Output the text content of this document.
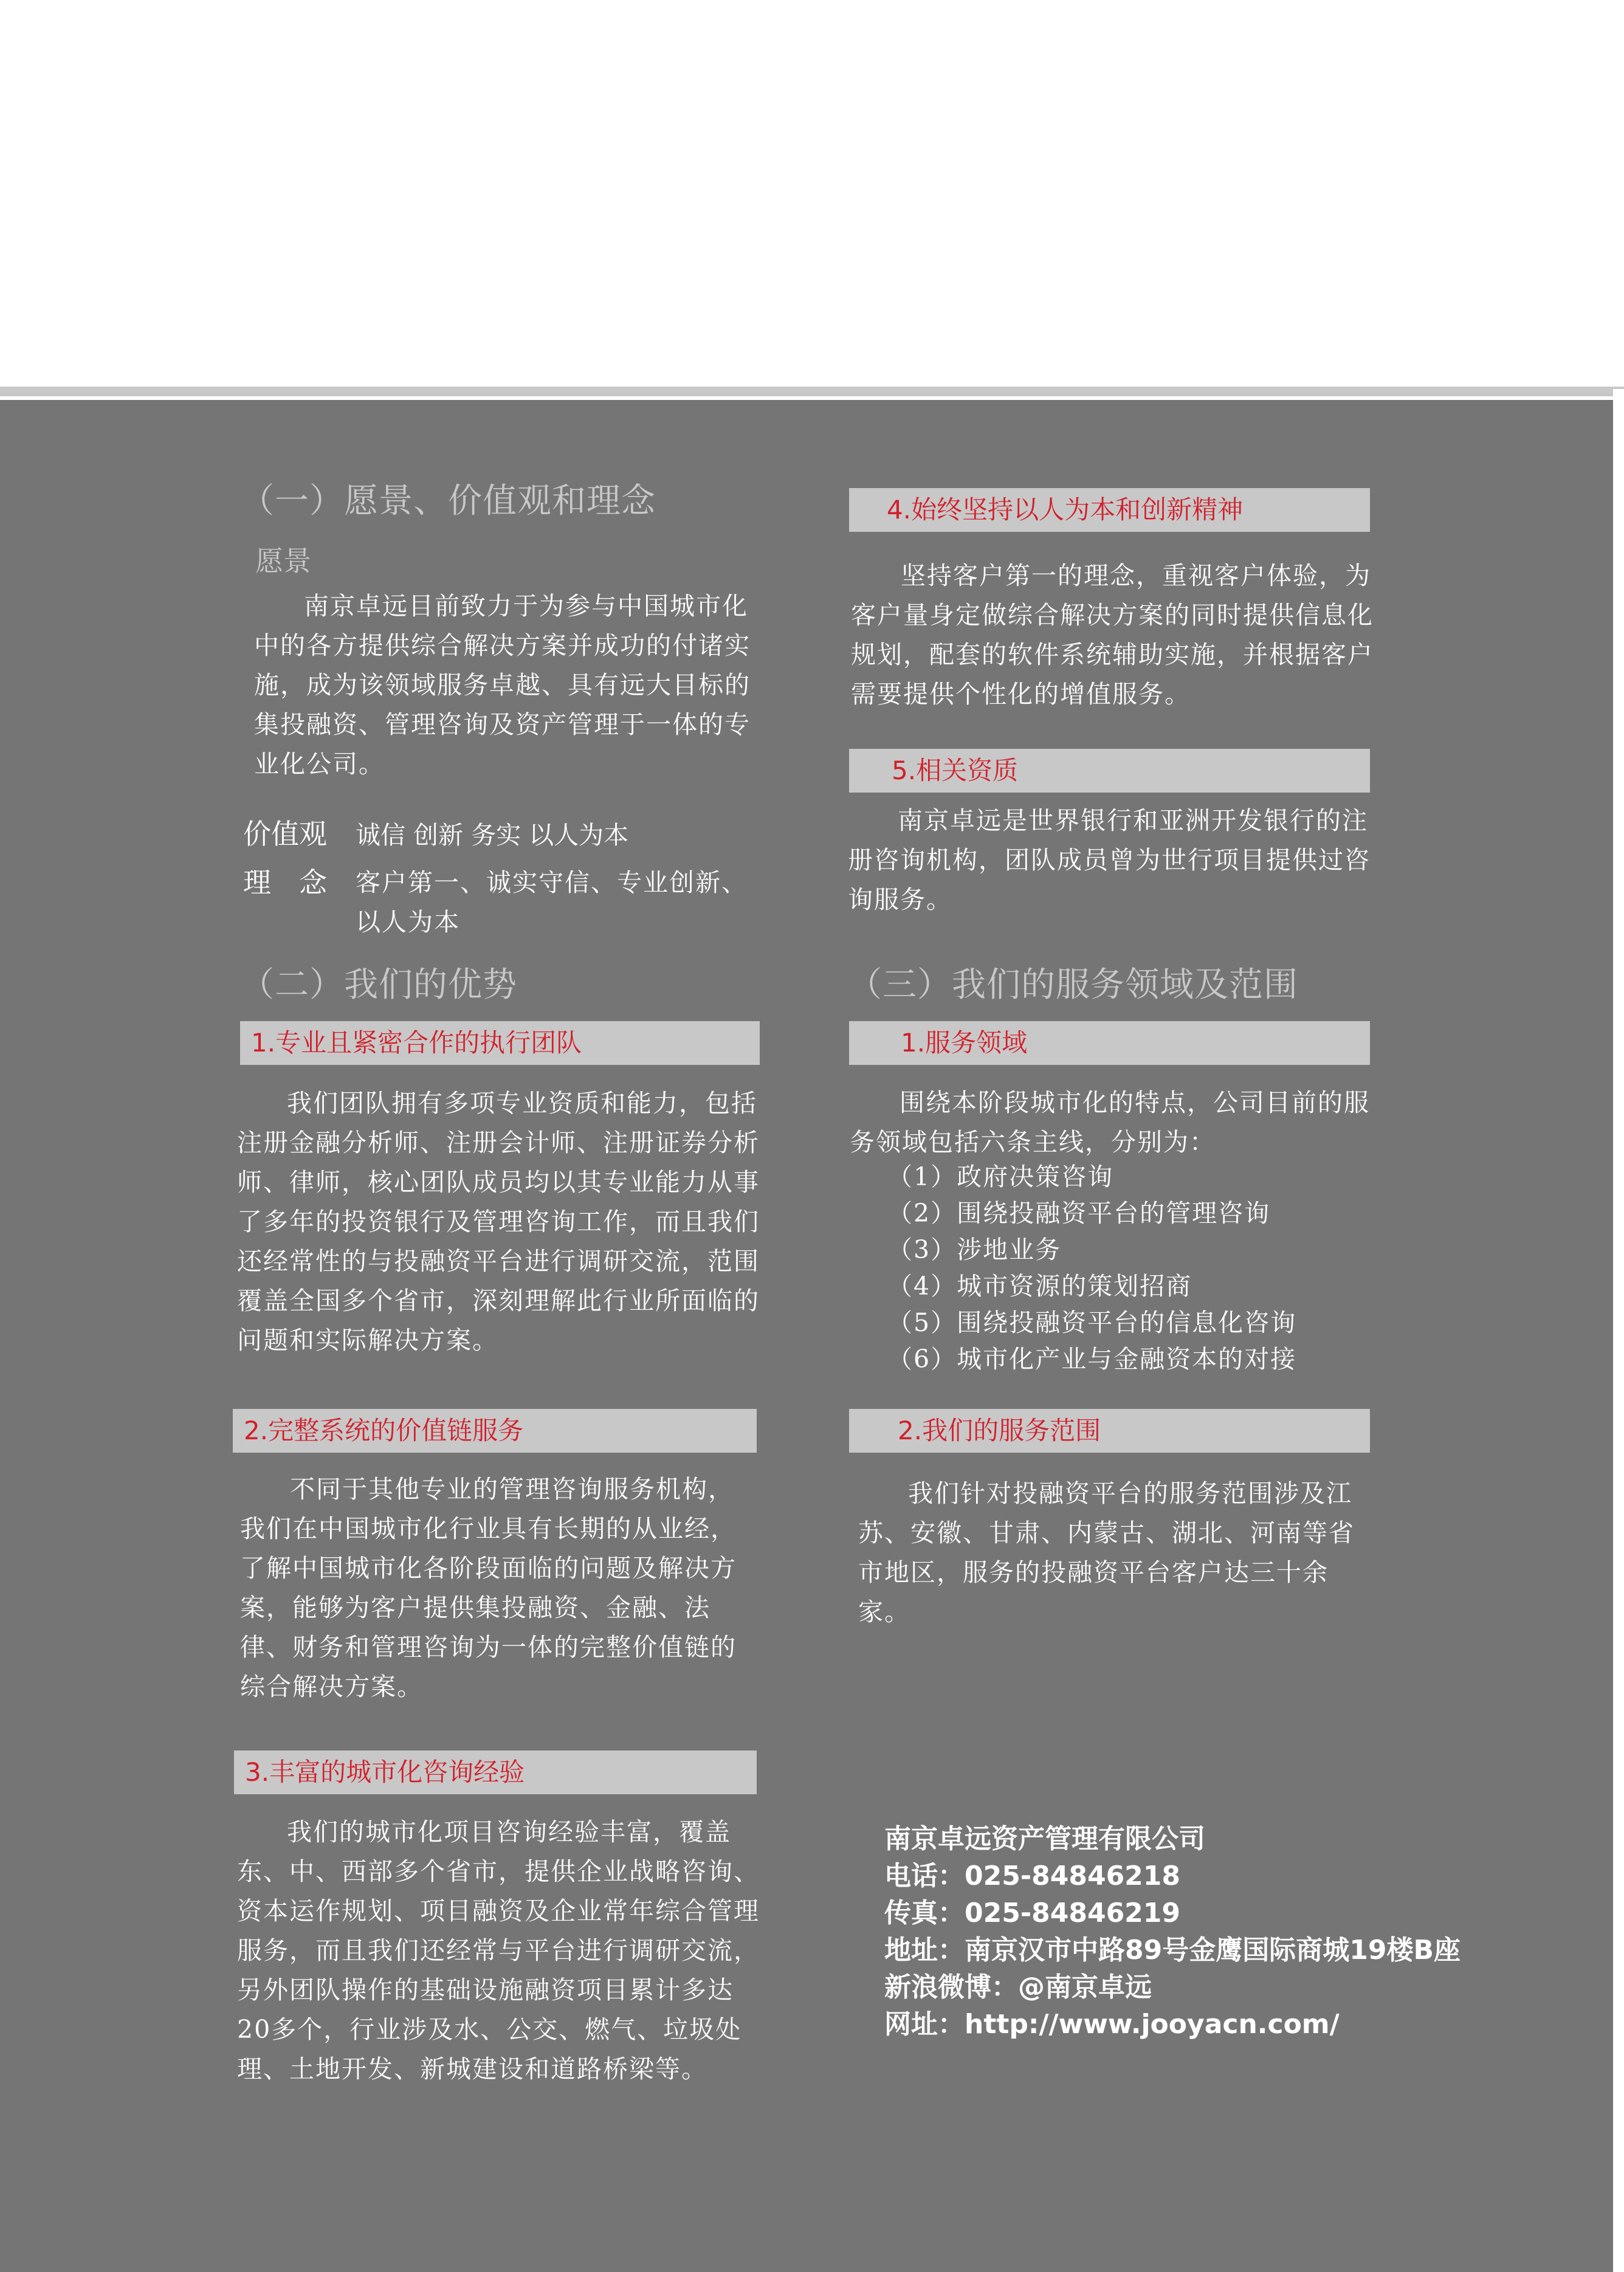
（一）愿景、价值观和理念
愿景
南京卓远目前致力于为参与中国城市化中的各方提供综合解决方案并成功的付诸实施，成为该领域服务卓越、具有远大目标的集投融资、管理咨询及资产管理于一体的专业化公司。
价值观 诚信 创新 务实 以人为本
理　念	客户第一、诚实守信、专业创新、以人为本
（二）我们的优势
1.专业且紧密合作的执行团队
我们团队拥有多项专业资质和能力，包括注册金融分析师、注册会计师、注册证券分析师、律师，核心团队成员均以其专业能力从事了多年的投资银行及管理咨询工作，而且我们还经常性的与投融资平台进行调研交流，范围覆盖全国多个省市，深刻理解此行业所面临的问题和实际解决方案。
2.完整系统的价值链服务
不同于其他专业的管理咨询服务机构，我们在中国城市化行业具有长期的从业经，了解中国城市化各阶段面临的问题及解决方案，能够为客户提供集投融资、金融、法律、财务和管理咨询为一体的完整价值链的综合解决方案。
3.丰富的城市化咨询经验
我们的城市化项目咨询经验丰富，覆盖东、中、西部多个省市，提供企业战略咨询、资本运作规划、项目融资及企业常年综合管理服务，而且我们还经常与平台进行调研交流，另外团队操作的基础设施融资项目累计多达20多个，行业涉及水、公交、燃气、垃圾处理、土地开发、新城建设和道路桥梁等。
4.始终坚持以人为本和创新精神
坚持客户第一的理念，重视客户体验，为客户量身定做综合解决方案的同时提供信息化规划，配套的软件系统辅助实施，并根据客户需要提供个性化的增值服务。
5.相关资质
南京卓远是世界银行和亚洲开发银行的注册咨询机构，团队成员曾为世行项目提供过咨询服务。
（三）我们的服务领域及范围
1.服务领域
围绕本阶段城市化的特点，公司目前的服务领域包括六条主线，分别为：
（1）政府决策咨询
（2）围绕投融资平台的管理咨询
（3）涉地业务
（4）城市资源的策划招商
（5）围绕投融资平台的信息化咨询
（6）城市化产业与金融资本的对接
2.我们的服务范围
我们针对投融资平台的服务范围涉及江苏、安徽、甘肃、内蒙古、湖北、河南等省市地区，服务的投融资平台客户达三十余家。
南京卓远资产管理有限公司
电话：025-84846218
传真：025-84846219
地址：南京汉市中路89号金鹰国际商城19楼B座
新浪微博：@南京卓远
网址：http://www.jooyacn.com/
